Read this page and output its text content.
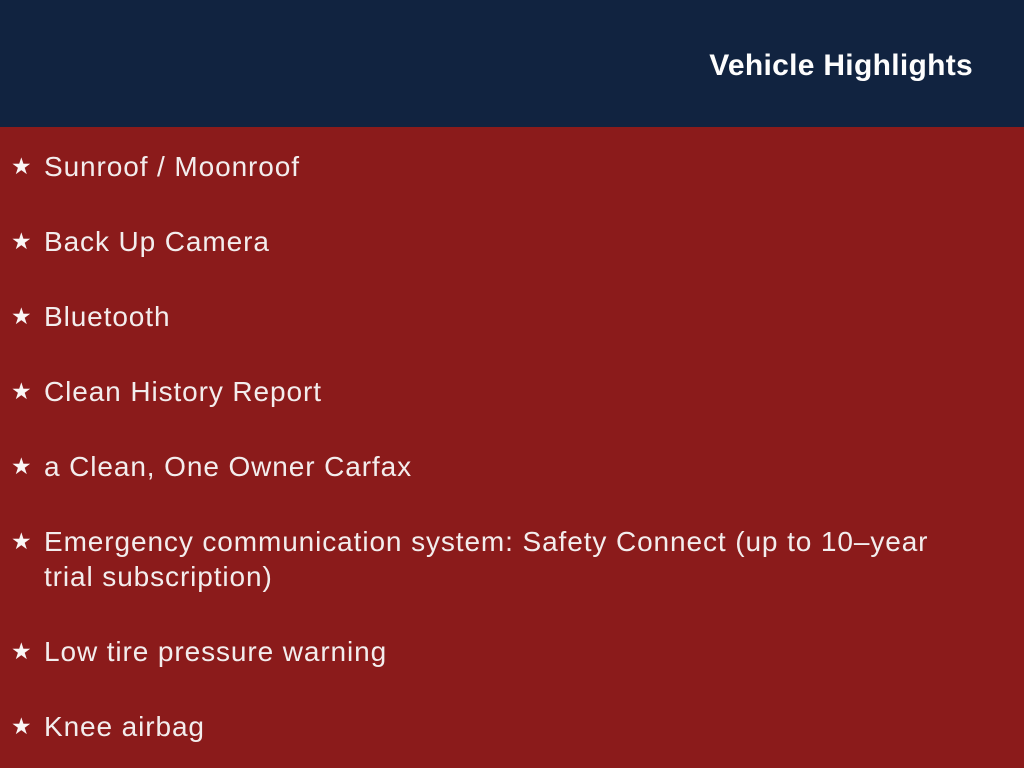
Vehicle Highlights
★ Sunroof / Moonroof
★ Back Up Camera
★ Bluetooth
★ Clean History Report
★ a Clean, One Owner Carfax
★ Emergency communication system: Safety Connect (up to 10–year
trial subscription)
★ Low tire pressure warning
★ Knee airbag
